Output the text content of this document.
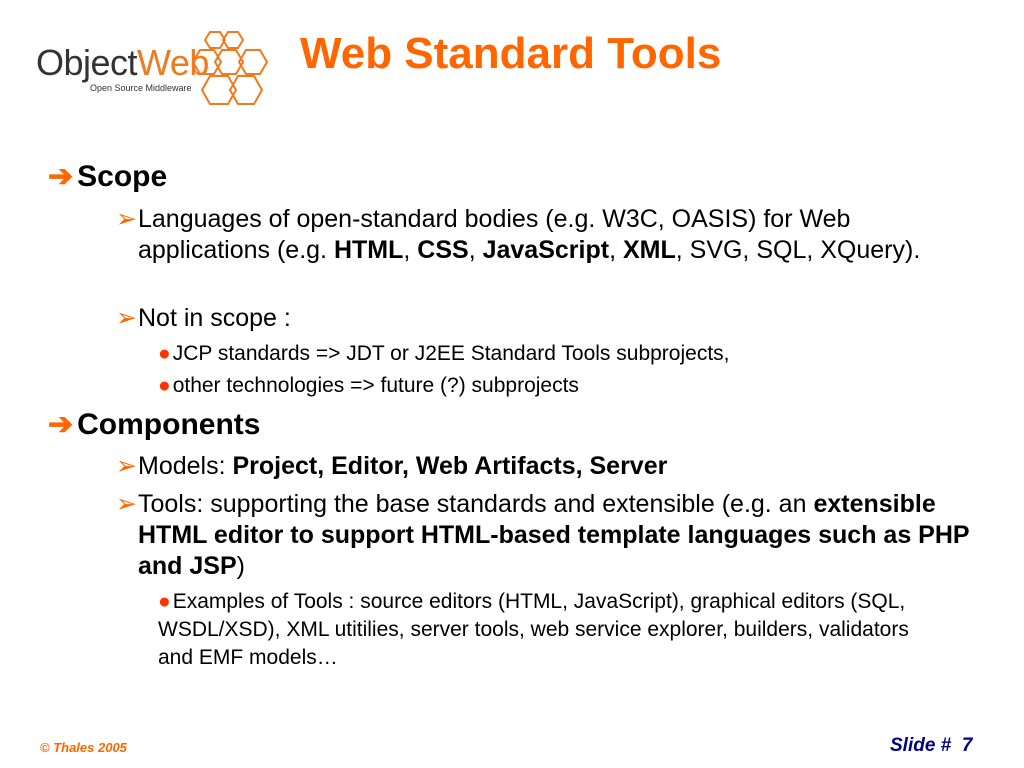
ObjectWeb
Open Source Middleware
Web Standard Tools
➔ Scope
➢Languages of open-standard bodies (e.g. W3C, OASIS) for Web applications (e.g. HTML, CSS, JavaScript, XML, SVG, SQL, XQuery).
➢Not in scope :
●JCP standards => JDT or J2EE Standard Tools subprojects,
●other technologies => future (?) subprojects
➔ Components
➢Models: Project, Editor, Web Artifacts, Server
➢Tools: supporting the base standards and extensible (e.g. an extensible HTML editor to support HTML-based template languages such as PHP and JSP)
●Examples of Tools : source editors (HTML, JavaScript), graphical editors (SQL, WSDL/XSD), XML utitilies, server tools, web service explorer, builders, validators and EMF models…
© Thales 2005	Slide # 7
